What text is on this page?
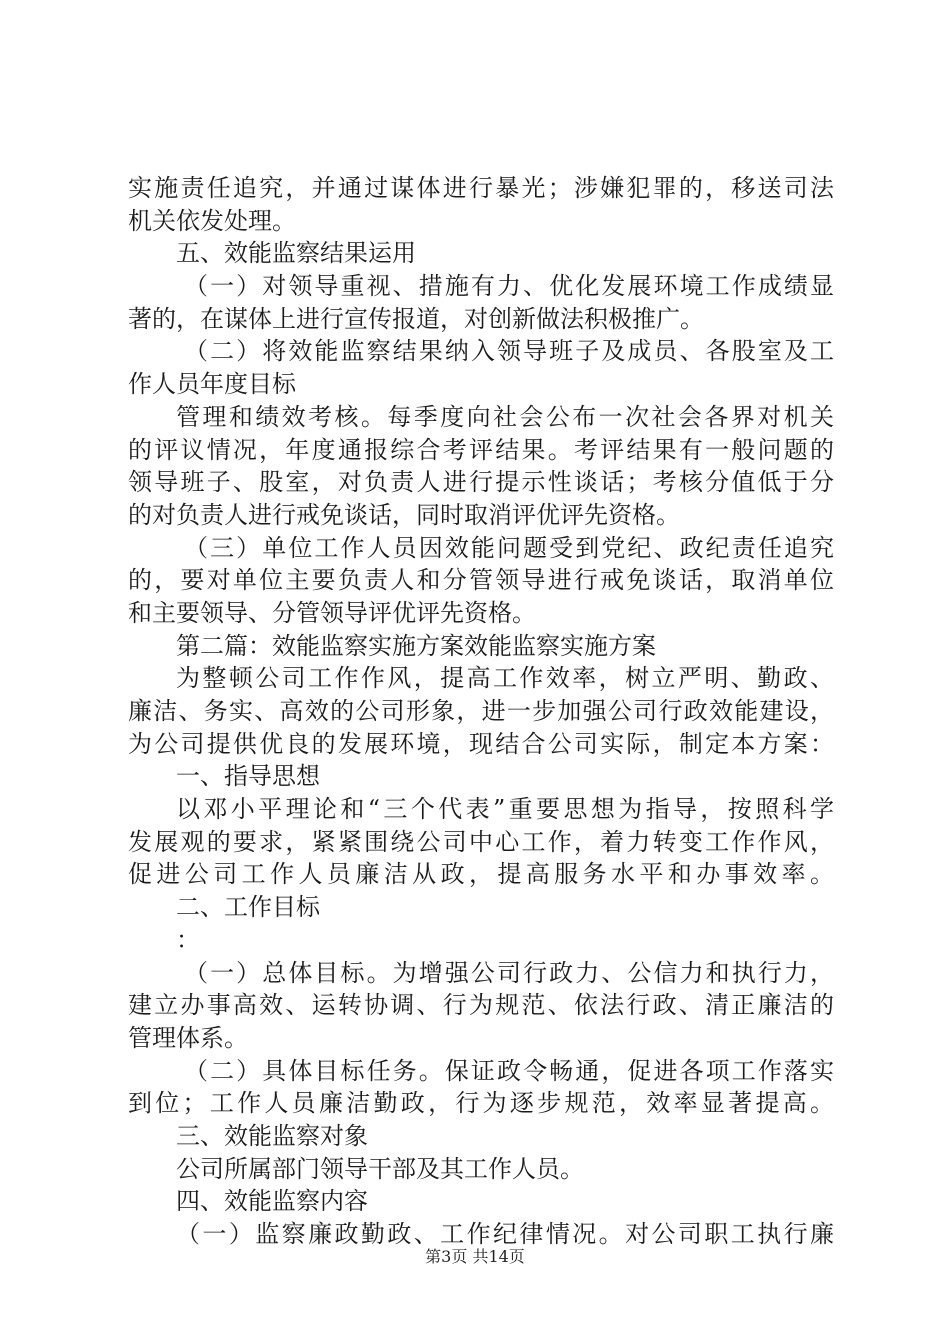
实施责任追究，并通过谋体进行暴光；涉嫌犯罪的，移送司法
机关依发处理。
五、效能监察结果运用
（一）对领导重视、措施有力、优化发展环境工作成绩显
著的，在谋体上进行宣传报道，对创新做法积极推广。
（二）将效能监察结果纳入领导班子及成员、各股室及工
作人员年度目标
管理和绩效考核。每季度向社会公布一次社会各界对机关
的评议情况，年度通报综合考评结果。考评结果有一般问题的
领导班子、股室，对负责人进行提示性谈话；考核分值低于分
的对负责人进行戒免谈话，同时取消评优评先资格。
（三）单位工作人员因效能问题受到党纪、政纪责任追究
的，要对单位主要负责人和分管领导进行戒免谈话，取消单位
和主要领导、分管领导评优评先资格。
第二篇：效能监察实施方案效能监察实施方案
为整顿公司工作作风，提高工作效率，树立严明、勤政、
廉洁、务实、高效的公司形象，进一步加强公司行政效能建设，
为公司提供优良的发展环境，现结合公司实际，制定本方案：
一、指导思想
以邓小平理论和“三个代表”重要思想为指导，按照科学
发展观的要求，紧紧围绕公司中心工作，着力转变工作作风，
促进公司工作人员廉洁从政，提高服务水平和办事效率。
二、工作目标
：
（一）总体目标。为增强公司行政力、公信力和执行力，
建立办事高效、运转协调、行为规范、依法行政、清正廉洁的
管理体系。
（二）具体目标任务。保证政令畅通，促进各项工作落实
到位；工作人员廉洁勤政，行为逐步规范，效率显著提高。
三、效能监察对象
公司所属部门领导干部及其工作人员。
四、效能监察内容
（一）监察廉政勤政、工作纪律情况。对公司职工执行廉
第3页 共14页
